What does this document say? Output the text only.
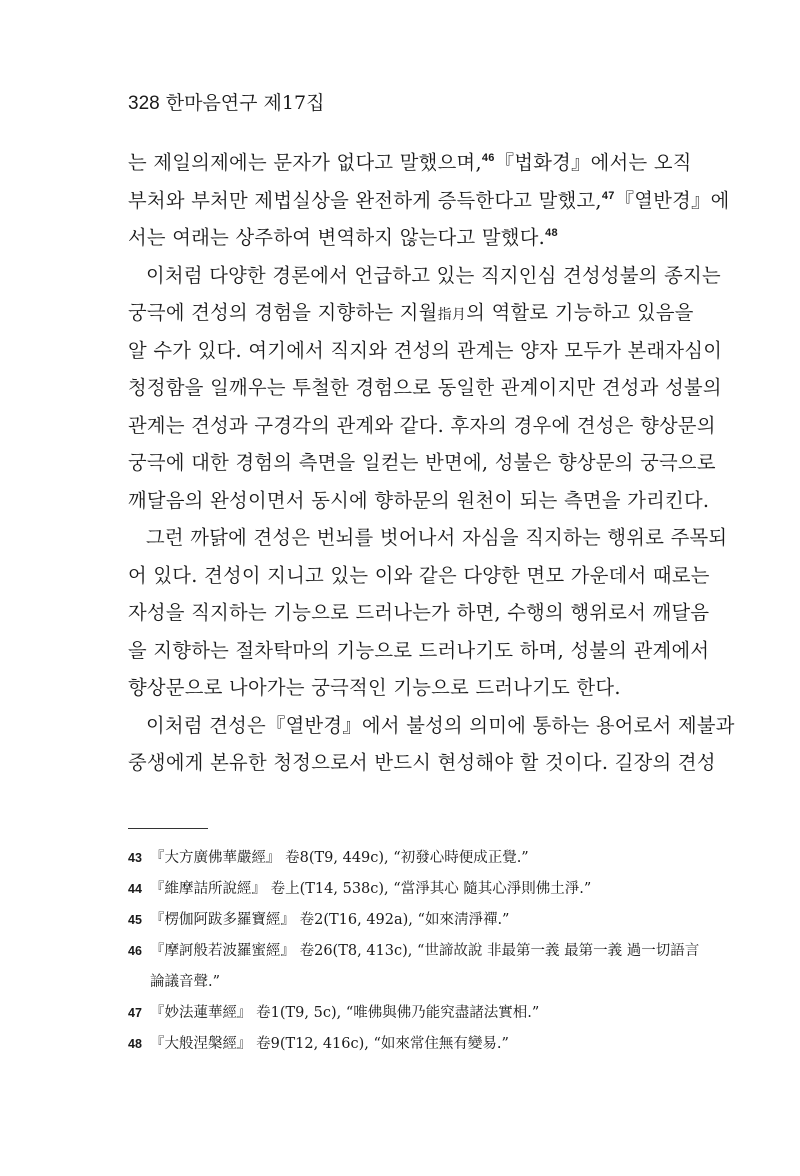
328 한마음연구 제17집
는 제일의제에는 문자가 없다고 말했으며,$^{46}$『법화경』에서는 오직
부처와 부처만 제법실상을 완전하게 증득한다고 말했고,$^{47}$『열반경』에
서는 여래는 상주하여 변역하지 않는다고 말했다.$^{48}$
이처럼 다양한 경론에서 언급하고 있는 직지인심 견성성불의 종지는
궁극에 견성의 경험을 지향하는 지월指月의 역할로 기능하고 있음을
알 수가 있다. 여기에서 직지와 견성의 관계는 양자 모두가 본래자심이
청정함을 일깨우는 투철한 경험으로 동일한 관계이지만 견성과 성불의
관계는 견성과 구경각의 관계와 같다. 후자의 경우에 견성은 향상문의
궁극에 대한 경험의 측면을 일컫는 반면에, 성불은 향상문의 궁극으로
깨달음의 완성이면서 동시에 향하문의 원천이 되는 측면을 가리킨다.
그런 까닭에 견성은 번뇌를 벗어나서 자심을 직지하는 행위로 주목되
어 있다. 견성이 지니고 있는 이와 같은 다양한 면모 가운데서 때로는
자성을 직지하는 기능으로 드러나는가 하면, 수행의 행위로서 깨달음
을 지향하는 절차탁마의 기능으로 드러나기도 하며, 성불의 관계에서
향상문으로 나아가는 궁극적인 기능으로 드러나기도 한다.
이처럼 견성은『열반경』에서 불성의 의미에 통하는 용어로서 제불과
중생에게 본유한 청정으로서 반드시 현성해야 할 것이다. 길장의 견성
43 『大方廣佛華嚴經』 卷8(T9, 449c), “初發心時便成正覺.”
44 『維摩詰所說經』 卷上(T14, 538c), “當淨其心 隨其心淨則佛土淨.”
45 『楞伽阿跋多羅寶經』 卷2(T16, 492a), “如來淸淨禪.”
46 『摩訶般若波羅蜜經』 卷26(T8, 413c), “世諦故說 非最第一義 最第一義 過一切語言
論議音聲.”
47 『妙法蓮華經』 卷1(T9, 5c), “唯佛與佛乃能究盡諸法實相.”
48 『大般涅槃經』 卷9(T12, 416c), “如來常住無有變易.”
